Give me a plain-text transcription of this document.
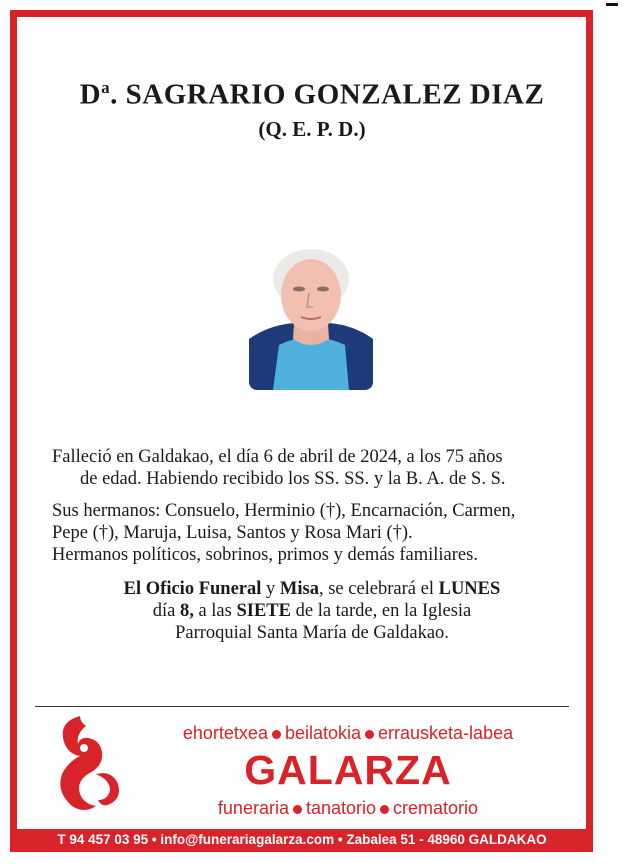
$D^a$. SAGRARIO GONZALEZ DIAZ
(Q. E. P. D.)
Falleció en Galdakao, el día 6 de abril de 2024, a los 75 años
de edad. Habiendo recibido los SS. SS. y la B. A. de S. S.
Sus hermanos: Consuelo, Herminio (†), Encarnación, Carmen,
Pepe (†), Maruja, Luisa, Santos y Rosa Mari (†).
Hermanos políticos, sobrinos, primos y demás familiares.
El Oficio Funeral y Misa, se celebrará el LUNES
día 8, a las SIETE de la tarde, en la Iglesia
Parroquial Santa María de Galdakao.
ehortetxea beilatokia errausketa-labea
GALARZA
funeraria tanatorio crematorio
T 94 457 03 95 • info@funerariagalarza.com • Zabalea 51 - 48960 GALDAKAO
